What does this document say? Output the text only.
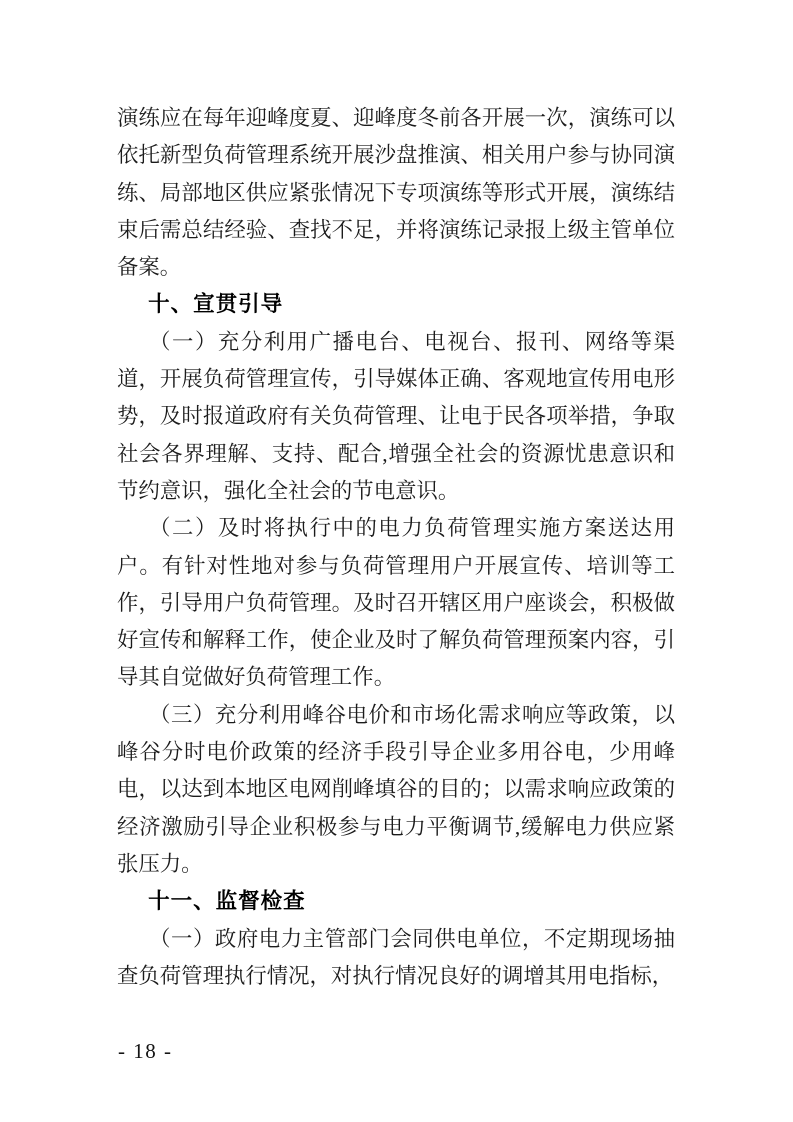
演练应在每年迎峰度夏、迎峰度冬前各开展一次，演练可以依托新型负荷管理系统开展沙盘推演、相关用户参与协同演练、局部地区供应紧张情况下专项演练等形式开展，演练结束后需总结经验、查找不足，并将演练记录报上级主管单位备案。

十、宣贯引导

（一）充分利用广播电台、电视台、报刊、网络等渠道，开展负荷管理宣传，引导媒体正确、客观地宣传用电形势，及时报道政府有关负荷管理、让电于民各项举措，争取社会各界理解、支持、配合,增强全社会的资源忧患意识和节约意识，强化全社会的节电意识。

（二）及时将执行中的电力负荷管理实施方案送达用户。有针对性地对参与负荷管理用户开展宣传、培训等工作，引导用户负荷管理。及时召开辖区用户座谈会，积极做好宣传和解释工作，使企业及时了解负荷管理预案内容，引导其自觉做好负荷管理工作。

（三）充分利用峰谷电价和市场化需求响应等政策，以峰谷分时电价政策的经济手段引导企业多用谷电，少用峰电，以达到本地区电网削峰填谷的目的；以需求响应政策的经济激励引导企业积极参与电力平衡调节,缓解电力供应紧张压力。

十一、监督检查

（一）政府电力主管部门会同供电单位，不定期现场抽查负荷管理执行情况，对执行情况良好的调增其用电指标，

- 18 -
